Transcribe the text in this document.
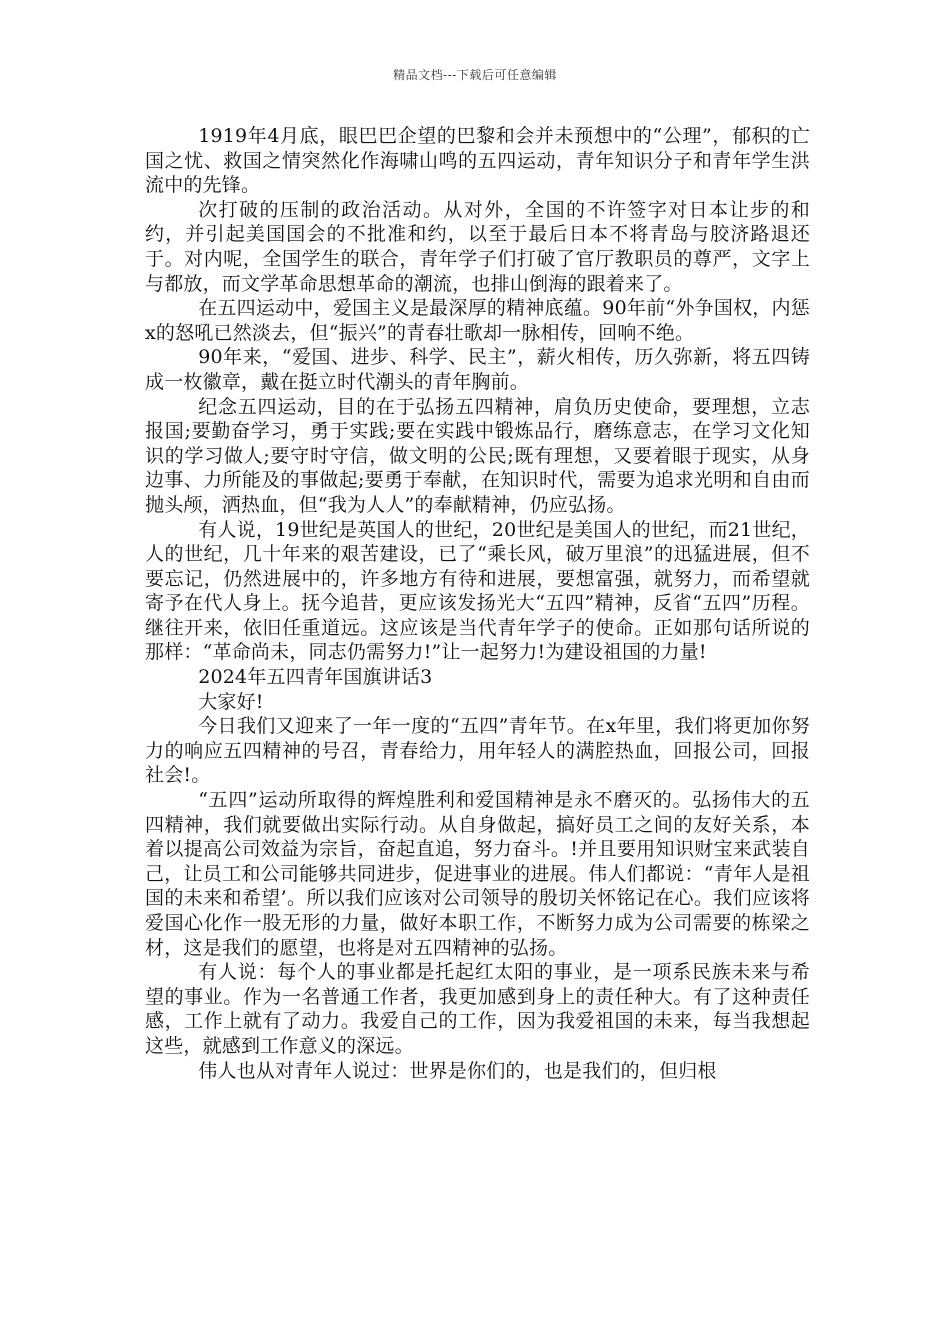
精品文档---下载后可任意编辑

1919年4月底，眼巴巴企望的巴黎和会并未预想中的“公理”，郁积的亡国之忧、救国之情突然化作海啸山鸣的五四运动，青年知识分子和青年学生洪流中的先锋。

次打破的压制的政治活动。从对外，全国的不许签字对日本让步的和约，并引起美国国会的不批准和约，以至于最后日本不将青岛与胶济路退还于。对内呢，全国学生的联合，青年学子们打破了官厅教职员的尊严，文字上与都放，而文学革命思想革命的潮流，也排山倒海的跟着来了。

在五四运动中，爱国主义是最深厚的精神底蕴。90年前“外争国权，内惩x的怒吼已然淡去，但“振兴”的青春壮歌却一脉相传，回响不绝。

90年来，“爱国、进步、科学、民主”，薪火相传，历久弥新，将五四铸成一枚徽章，戴在挺立时代潮头的青年胸前。

纪念五四运动，目的在于弘扬五四精神，肩负历史使命，要理想，立志报国;要勤奋学习，勇于实践;要在实践中锻炼品行，磨练意志，在学习文化知识的学习做人;要守时守信，做文明的公民;既有理想，又要着眼于现实，从身边事、力所能及的事做起;要勇于奉献，在知识时代，需要为追求光明和自由而抛头颅，洒热血，但“我为人人”的奉献精神，仍应弘扬。

有人说，19世纪是英国人的世纪，20世纪是美国人的世纪，而21世纪，人的世纪，几十年来的艰苦建设，已了“乘长风，破万里浪”的迅猛进展，但不要忘记，仍然进展中的，许多地方有待和进展，要想富强，就努力，而希望就寄予在代人身上。抚今追昔，更应该发扬光大“五四”精神，反省“五四”历程。继往开来，依旧任重道远。这应该是当代青年学子的使命。正如那句话所说的那样：“革命尚未，同志仍需努力!”让一起努力!为建设祖国的力量!

2024年五四青年国旗讲话3

大家好!

今日我们又迎来了一年一度的“五四”青年节。在x年里，我们将更加你努力的响应五四精神的号召，青春给力，用年轻人的满腔热血，回报公司，回报社会!。

“五四”运动所取得的辉煌胜利和爱国精神是永不磨灭的。弘扬伟大的五四精神，我们就要做出实际行动。从自身做起，搞好员工之间的友好关系，本着以提高公司效益为宗旨，奋起直追，努力奋斗。!并且要用知识财宝来武装自己，让员工和公司能够共同进步，促进事业的进展。伟人们都说：“青年人是祖国的未来和希望’。所以我们应该对公司领导的殷切关怀铭记在心。我们应该将爱国心化作一股无形的力量，做好本职工作，不断努力成为公司需要的栋梁之材，这是我们的愿望，也将是对五四精神的弘扬。

有人说：每个人的事业都是托起红太阳的事业，是一项系民族未来与希望的事业。作为一名普通工作者，我更加感到身上的责任种大。有了这种责任感，工作上就有了动力。我爱自己的工作，因为我爱祖国的未来，每当我想起这些，就感到工作意义的深远。

伟人也从对青年人说过：世界是你们的，也是我们的，但归根
